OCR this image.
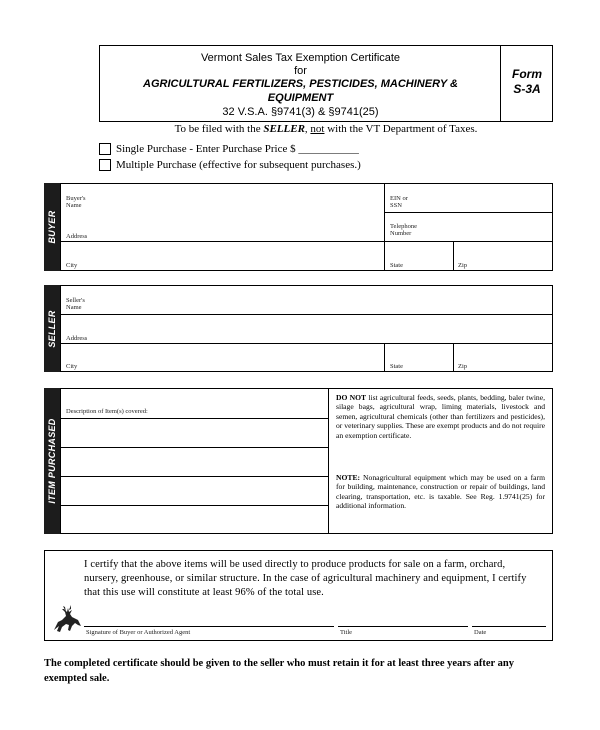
Vermont Sales Tax Exemption Certificate
for
AGRICULTURAL FERTILIZERS, PESTICIDES, MACHINERY &
EQUIPMENT
32 V.S.A. §9741(3) & §9741(25)
Form
S-3A
To be filed with the SELLER, not with the VT Department of Taxes.
Single Purchase - Enter Purchase Price $ ___________
Multiple Purchase (effective for subsequent purchases.)
BUYER
Buyer's
Name
EIN or
SSN
Address
Telephone
Number
City	State	Zip
SELLER
Seller's
Name
Address
City	State	Zip
ITEM PURCHASED
Description of Item(s) covered:
DO NOT list agricultural feeds, seeds, plants, bedding, baler twine, silage bags, agricultural wrap, liming materials, livestock and semen, agricultural chemicals (other than fertilizers and pesticides), or veterinary supplies. These are exempt products and do not require an exemption certificate.
NOTE: Nonagricultural equipment which may be used on a farm for building, maintenance, construction or repair of buildings, land clearing, transportation, etc. is taxable. See Reg. 1.9741(25) for additional information.
I certify that the above items will be used directly to produce products for sale on a farm, orchard, nursery, greenhouse, or similar structure. In the case of agricultural machinery and equipment, I certify that this use will constitute at least 96% of the total use.
Signature of Buyer or Authorized Agent	Title	Date
The completed certificate should be given to the seller who must retain it for at least three years after any exempted sale.
